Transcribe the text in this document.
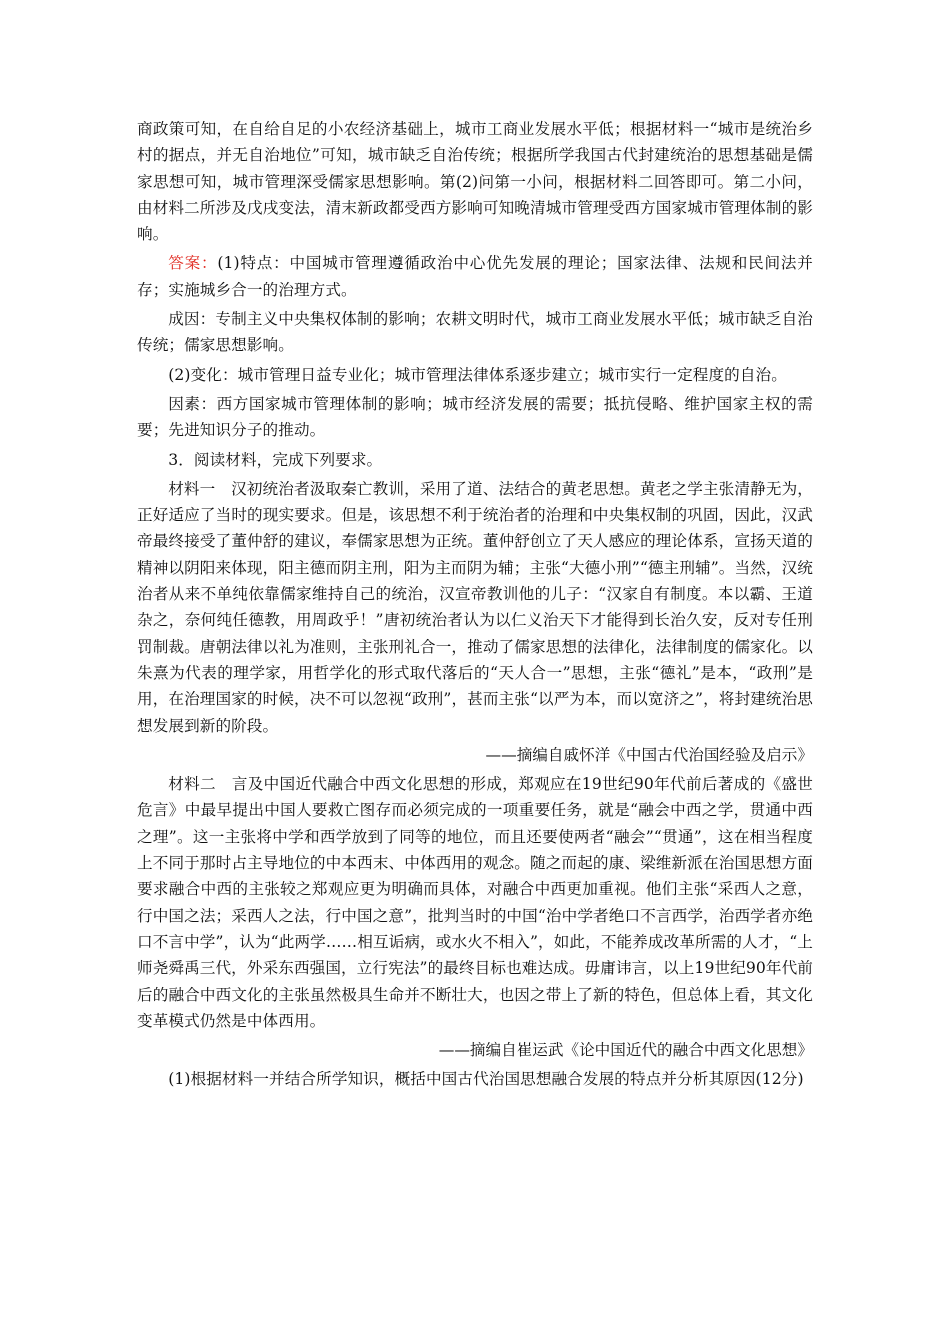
商政策可知，在自给自足的小农经济基础上，城市工商业发展水平低；根据材料一“城市是统治乡村的据点，并无自治地位”可知，城市缺乏自治传统；根据所学我国古代封建统治的思想基础是儒家思想可知，城市管理深受儒家思想影响。第(2)问第一小问，根据材料二回答即可。第二小问，由材料二所涉及戊戌变法，清末新政都受西方影响可知晚清城市管理受西方国家城市管理体制的影响。

答案：(1)特点：中国城市管理遵循政治中心优先发展的理论；国家法律、法规和民间法并存；实施城乡合一的治理方式。

成因：专制主义中央集权体制的影响；农耕文明时代，城市工商业发展水平低；城市缺乏自治传统；儒家思想影响。

(2)变化：城市管理日益专业化；城市管理法律体系逐步建立；城市实行一定程度的自治。

因素：西方国家城市管理体制的影响；城市经济发展的需要；抵抗侵略、维护国家主权的需要；先进知识分子的推动。

3．阅读材料，完成下列要求。

材料一　汉初统治者汲取秦亡教训，采用了道、法结合的黄老思想。黄老之学主张清静无为，正好适应了当时的现实要求。但是，该思想不利于统治者的治理和中央集权制的巩固，因此，汉武帝最终接受了董仲舒的建议，奉儒家思想为正统。董仲舒创立了天人感应的理论体系，宣扬天道的精神以阴阳来体现，阳主德而阴主刑，阳为主而阴为辅；主张“大德小刑”“德主刑辅”。当然，汉统治者从来不单纯依靠儒家维持自己的统治，汉宣帝教训他的儿子：“汉家自有制度。本以霸、王道杂之，奈何纯任德教，用周政乎！”唐初统治者认为以仁义治天下才能得到长治久安，反对专任刑罚制裁。唐朝法律以礼为准则，主张刑礼合一，推动了儒家思想的法律化，法律制度的儒家化。以朱熹为代表的理学家，用哲学化的形式取代落后的“天人合一”思想，主张“德礼”是本，“政刑”是用，在治理国家的时候，决不可以忽视“政刑”，甚而主张“以严为本，而以宽济之”，将封建统治思想发展到新的阶段。

——摘编自戚怀洋《中国古代治国经验及启示》

材料二　言及中国近代融合中西文化思想的形成，郑观应在19世纪90年代前后著成的《盛世危言》中最早提出中国人要救亡图存而必须完成的一项重要任务，就是“融会中西之学，贯通中西之理”。这一主张将中学和西学放到了同等的地位，而且还要使两者“融会”“贯通”，这在相当程度上不同于那时占主导地位的中本西末、中体西用的观念。随之而起的康、梁维新派在治国思想方面要求融合中西的主张较之郑观应更为明确而具体，对融合中西更加重视。他们主张“采西人之意，行中国之法；采西人之法，行中国之意”，批判当时的中国“治中学者绝口不言西学，治西学者亦绝口不言中学”，认为“此两学……相互诟病，或水火不相入”，如此，不能养成改革所需的人才，“上师尧舜禹三代，外采东西强国，立行宪法”的最终目标也难达成。毋庸讳言，以上19世纪90年代前后的融合中西文化的主张虽然极具生命并不断壮大，也因之带上了新的特色，但总体上看，其文化变革模式仍然是中体西用。

——摘编自崔运武《论中国近代的融合中西文化思想》

(1)根据材料一并结合所学知识，概括中国古代治国思想融合发展的特点并分析其原因(12分)
